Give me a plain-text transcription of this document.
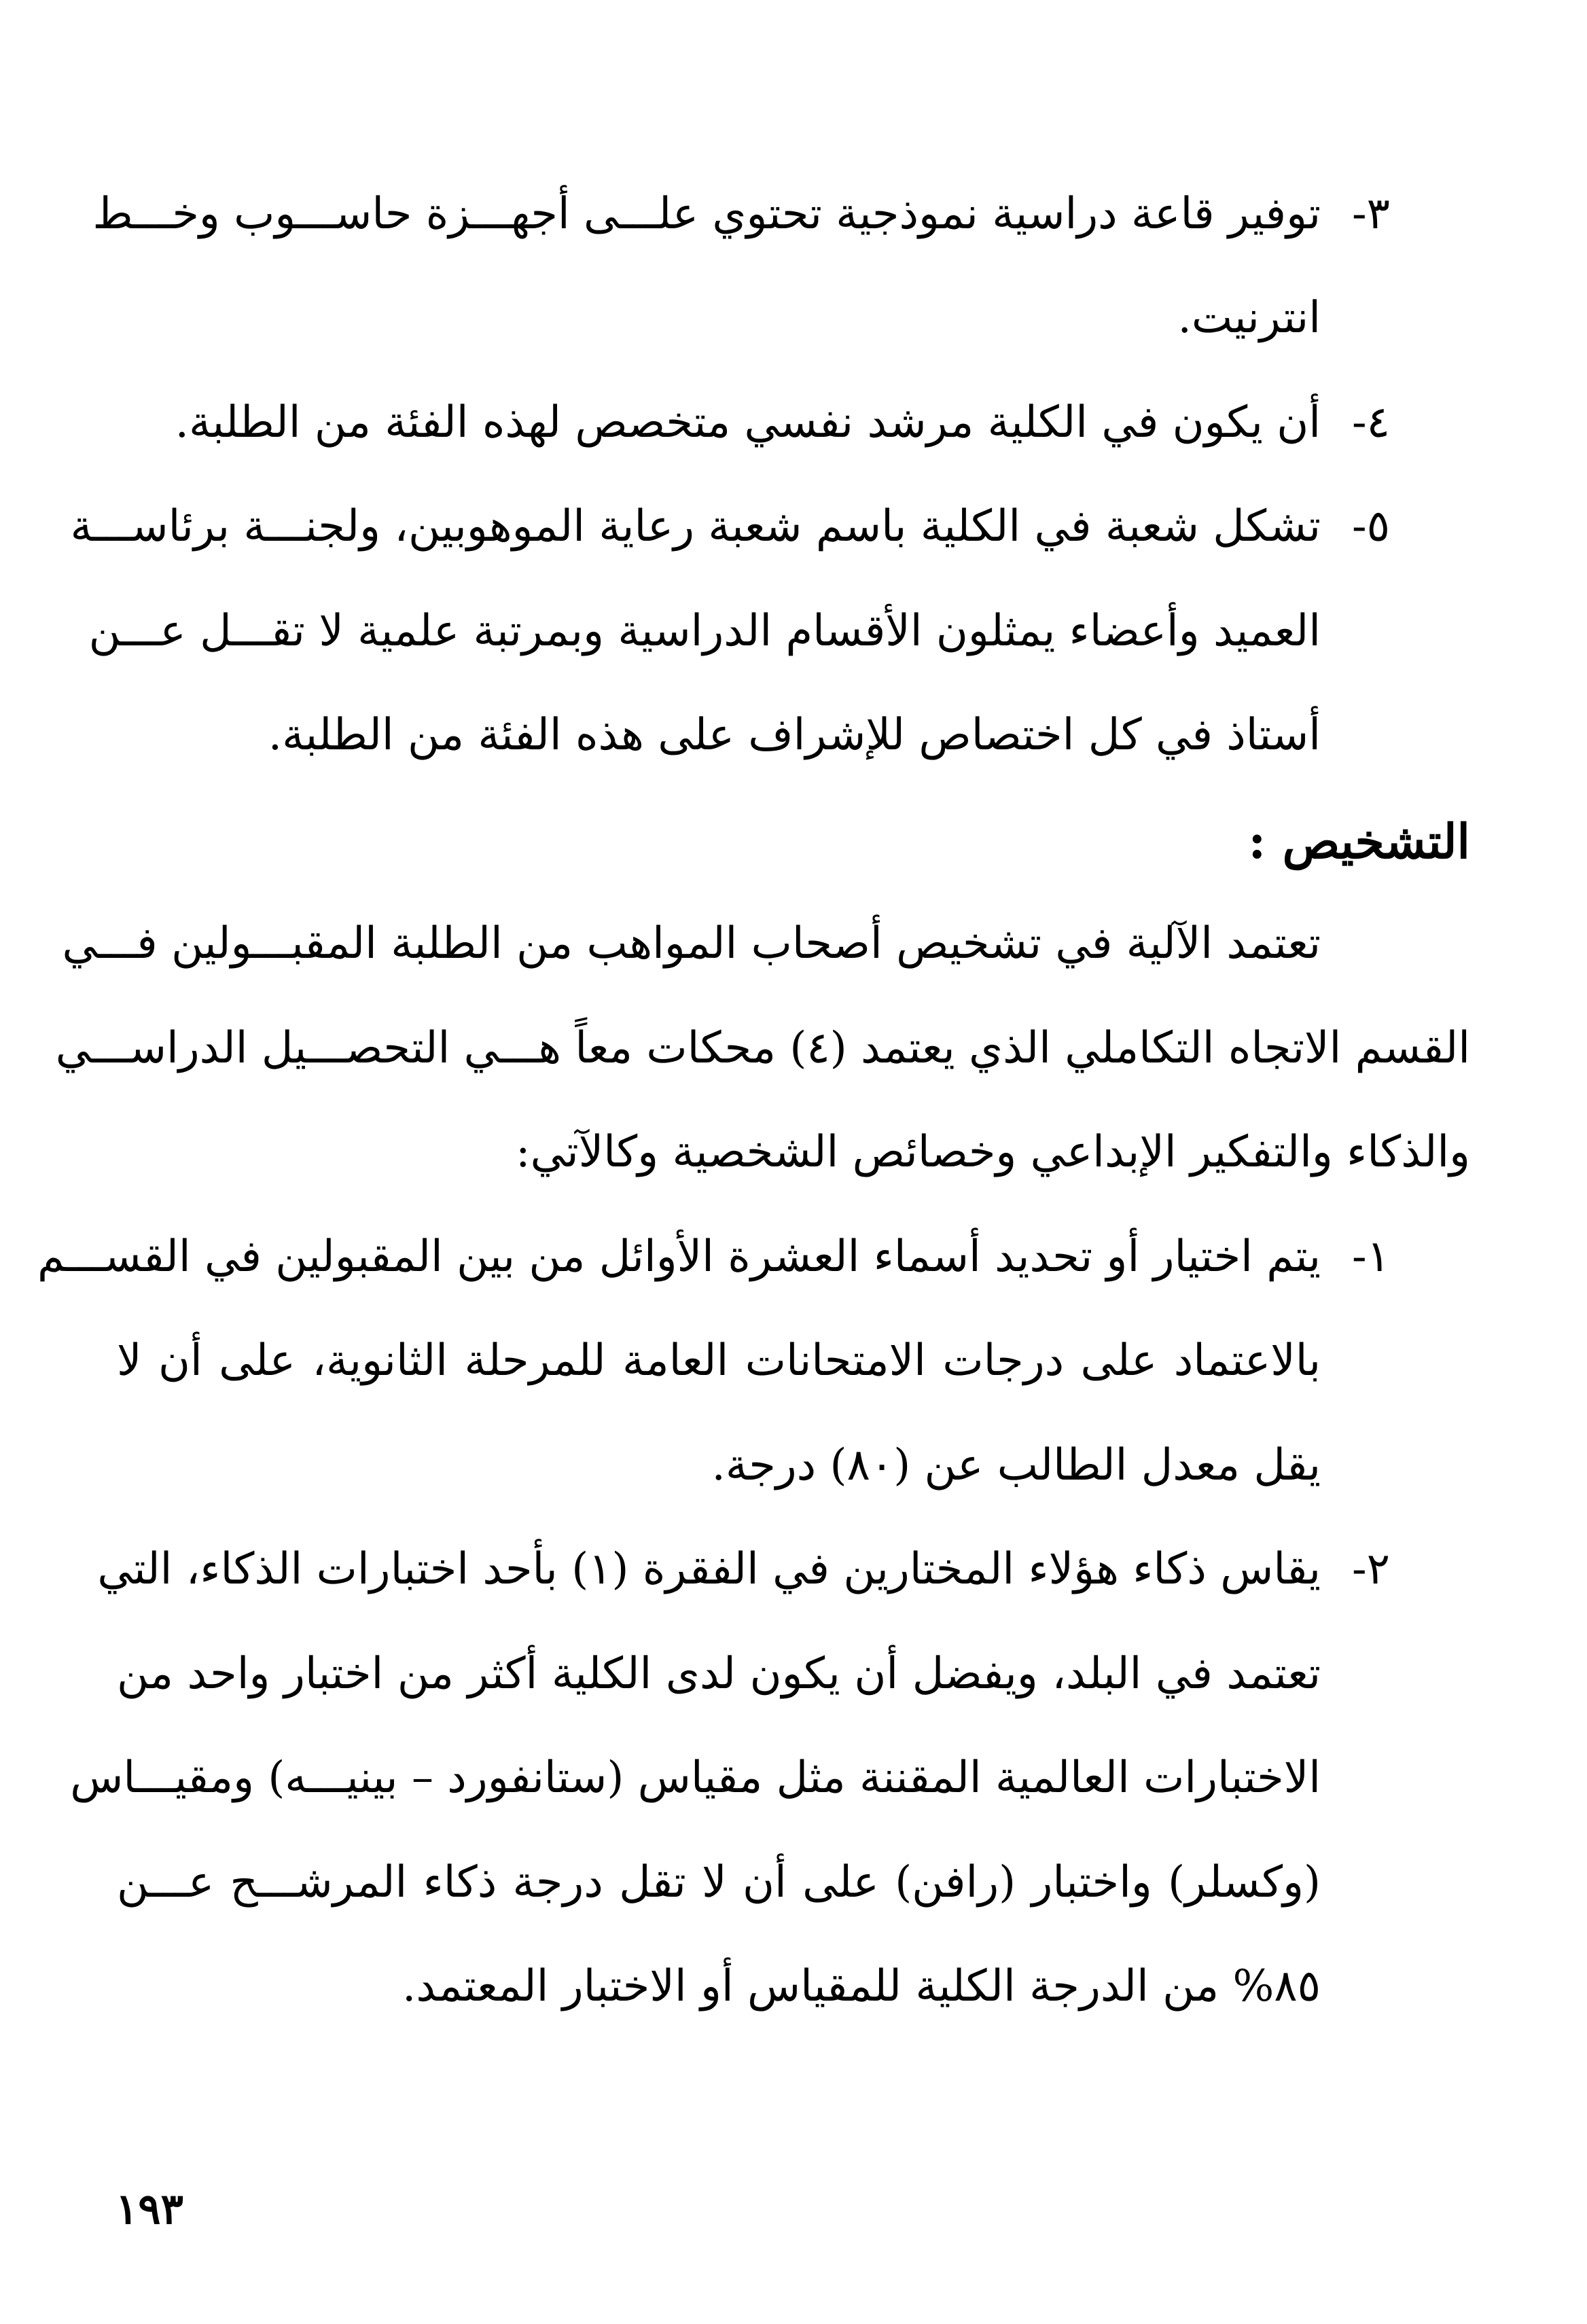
٣-
توفير قاعة دراسية نموذجية تحتوي علـــى أجهـــزة حاســـوب وخـــط
انترنيت.
٤-
أن يكون في الكلية مرشد نفسي متخصص لهذه الفئة من الطلبة.
٥-
تشكل شعبة في الكلية باسم شعبة رعاية الموهوبين، ولجنـــة برئاســـة
العميد وأعضاء يمثلون الأقسام الدراسية وبمرتبة علمية لا تقـــل عـــن
أستاذ في كل اختصاص للإشراف على هذه الفئة من الطلبة.
التشخيص :
تعتمد الآلية في تشخيص أصحاب المواهب من الطلبة المقبـــولين فـــي
القسم الاتجاه التكاملي الذي يعتمد (٤) محكات معاً هـــي التحصـــيل الدراســـي
والذكاء والتفكير الإبداعي وخصائص الشخصية وكالآتي:
١-
يتم اختيار أو تحديد أسماء العشرة الأوائل من بين المقبولين في القســـم
بالاعتماد على درجات الامتحانات العامة للمرحلة الثانوية، على أن لا
يقل معدل الطالب عن (٨٠) درجة.
٢-
يقاس ذكاء هؤلاء المختارين في الفقرة (١) بأحد اختبارات الذكاء، التي
تعتمد في البلد، ويفضل أن يكون لدى الكلية أكثر من اختبار واحد من
الاختبارات العالمية المقننة مثل مقياس (ستانفورد – بينيـــه) ومقيـــاس
(وكسلر) واختبار (رافن) على أن لا تقل درجة ذكاء المرشـــح عـــن
٨٥% من الدرجة الكلية للمقياس أو الاختبار المعتمد.
١٩٣
